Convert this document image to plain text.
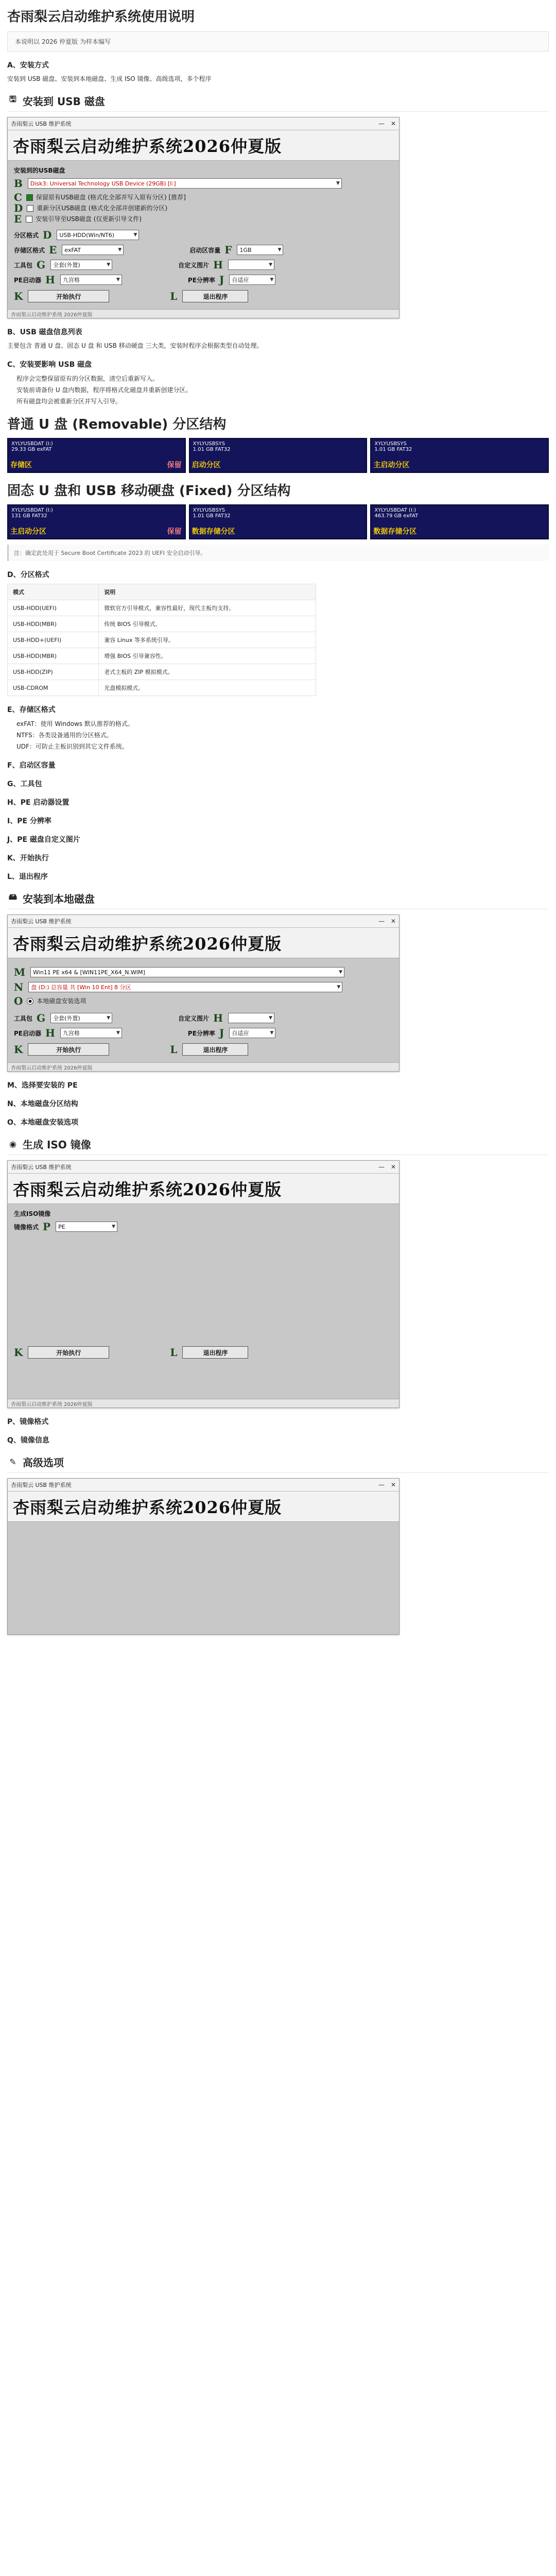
杏雨梨云启动维护系统使用说明
本说明以 2026 仲夏版 为样本编写
A、安装方式
安装到 USB 磁盘、安装到本地磁盘、生成 ISO 镜像、高级选项，多个程序
🖫 安装到 USB 磁盘
杏雨梨云 USB 维护系统	— ✕
杏雨梨云启动维护系统2026仲夏版
安装到的USB磁盘
B Disk3: Universal Technology USB Device (29GB) [I:]	▼
C 保留原有USB磁盘 (格式化全部并写入原有分区) [推荐]
D 重新分区USB磁盘 (格式化全部并创建新的分区)
E 安装引导至USB磁盘 (仅更新引导文件)
分区格式 D USB-HDD(Win/NT6)	▼
存储区格式 E exFAT	▼	启动区容量 F 1GB	▼
工具包 G 全套(外置)	▼	自定义图片 H	▼
PE启动器 H 九宫格	▼	PE分辨率 J 自适应	▼
K	开始执行	L	退出程序
杏雨梨云启动维护系统 2026仲夏版
B、USB 磁盘信息列表
主要包含 普通 U 盘、固态 U 盘 和 USB 移动硬盘 三大类，安装时程序会根据类型自动处理。
C、安装要影响 USB 磁盘
程序会完整保留原有的分区数据，清空后重新写入。
安装前请备份 U 盘内数据，程序将格式化磁盘并重新创建分区。
所有磁盘均会被重新分区并写入引导。
普通 U 盘 (Removable) 分区结构
XYLYUSBDAT (I:)
29.33 GB exFAT
存储区	保留
XYLYUSBSYS
1.01 GB FAT32
启动分区
XYLYUSBSYS
1.01 GB FAT32
主启动分区
固态 U 盘和 USB 移动硬盘 (Fixed) 分区结构
XYLYUSBDAT (I:)
131 GB FAT32
主启动分区	保留
XYLYUSBSYS
1.01 GB FAT32
数据存储分区
XYLYUSBDAT (I:)
463.79 GB exFAT
数据存储分区
注：确定此处用于 Secure Boot Certificate 2023 的 UEFI 安全启动引导。
D、分区格式
模式	说明
USB-HDD(UEFI)	微软官方引导模式，兼容性最好，现代主板均支持。
USB-HDD(MBR)	传统 BIOS 引导模式。
USB-HDD+(UEFI)	兼容 Linux 等多系统引导。
USB-HDD(MBR)	增强 BIOS 引导兼容性。
USB-HDD(ZIP)	老式主板的 ZIP 模拟模式。
USB-CDROM	光盘模拟模式。
E、存储区格式
exFAT：使用 Windows 默认推荐的格式。
NTFS：各类设备通用的分区格式。
UDF：可防止主板识别到其它文件系统。
F、启动区容量
G、工具包
H、PE 启动器设置
I、PE 分辨率
J、PE 磁盘自定义图片
K、开始执行
L、退出程序
🖴 安装到本地磁盘
杏雨梨云 USB 维护系统	— ✕
杏雨梨云启动维护系统2026仲夏版
M Win11 PE x64 & [WIN11PE_X64_N.WIM]	▼
N 盘 (D:) 总容量 共 [Win 10 Ent] 8 分区	▼
O 本地磁盘安装选项
工具包 G 全套(外置)	▼	自定义图片 H	▼
PE启动器 H 九宫格	▼	PE分辨率 J 自适应	▼
K	开始执行	L	退出程序
杏雨梨云启动维护系统 2026仲夏版
M、选择要安装的 PE
N、本地磁盘分区结构
O、本地磁盘安装选项
◉ 生成 ISO 镜像
杏雨梨云 USB 维护系统	— ✕
杏雨梨云启动维护系统2026仲夏版
生成ISO镜像
镜像格式 P PE	▼
K	开始执行	L	退出程序
杏雨梨云启动维护系统 2026仲夏版
P、镜像格式
Q、镜像信息
✎ 高级选项
杏雨梨云 USB 维护系统	— ✕
杏雨梨云启动维护系统2026仲夏版
